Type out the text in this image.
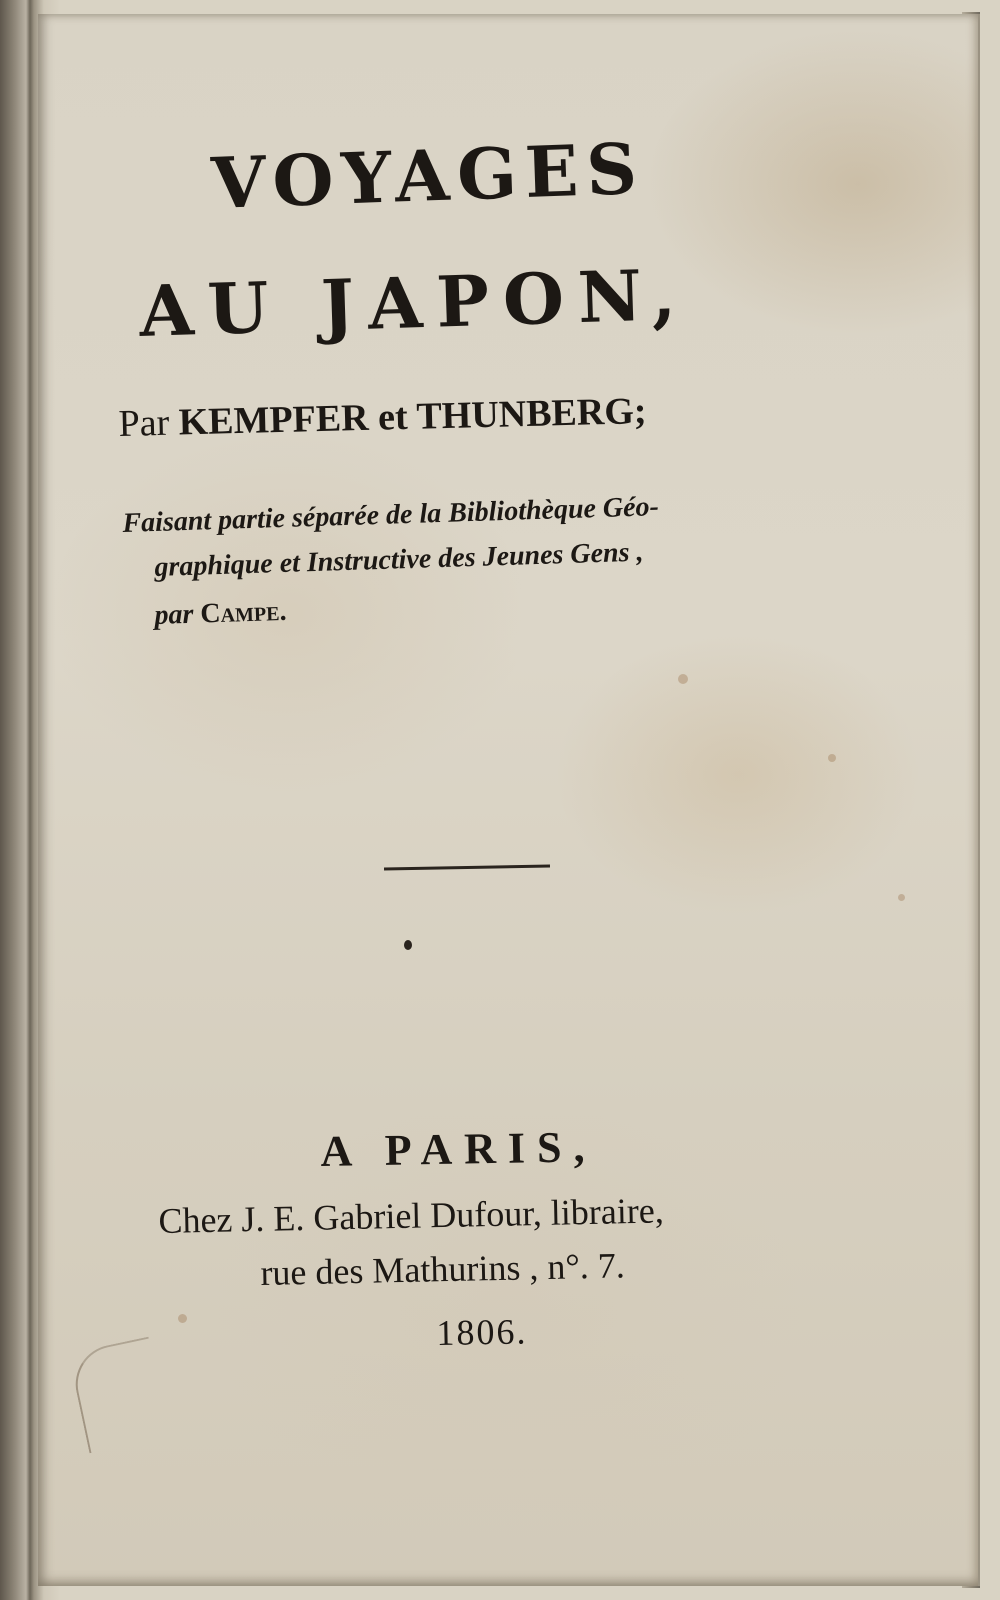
VOYAGES
AU JAPON,
Par KEMPFER et THUNBERG;
Faisant partie séparée de la Bibliothèque Géo-
graphique et Instructive des Jeunes Gens ,
par Campe.
A PARIS,
Chez J. E. Gabriel Dufour, libraire,
rue des Mathurins , n°. 7.
1806.
